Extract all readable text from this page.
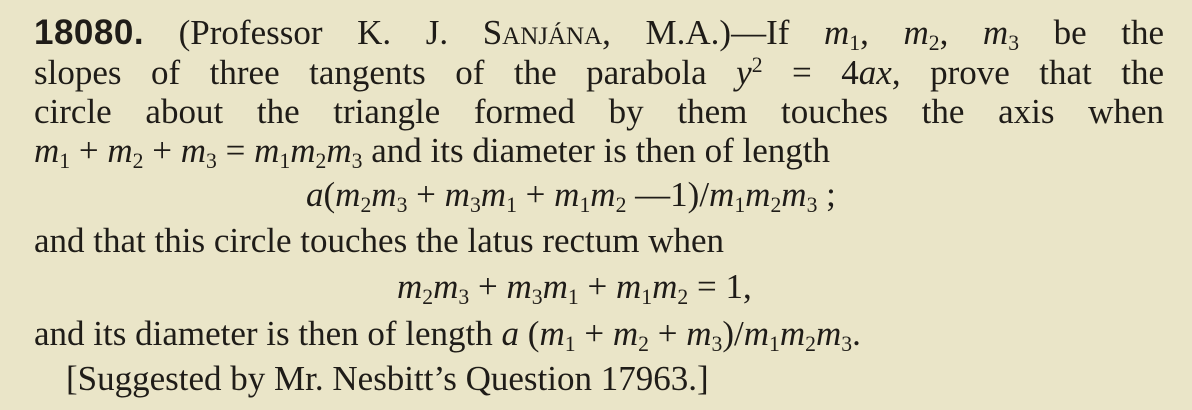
18080. (Professor K. J. Sanjána, M.A.)—If $m_1$, $m_2$, $m_3$ be the
slopes of three tangents of the parabola $y^2 = 4ax$, prove that the
circle about the triangle formed by them touches the axis when
$m_1 + m_2 + m_3 = m_1m_2m_3$ and its diameter is then of length
$a(m_2m_3 + m_3m_1 + m_1m_2$ $—1)/m_1m_2m_3$ ;
and that this circle touches the latus rectum when
$m_2m_3 + m_3m_1 + m_1m_2 = 1$,
and its diameter is then of length a $(m_1 + m_2 + m_3)/m_1m_2m_3$.
[Suggested by Mr. Nesbitt’s Question 17963.]
